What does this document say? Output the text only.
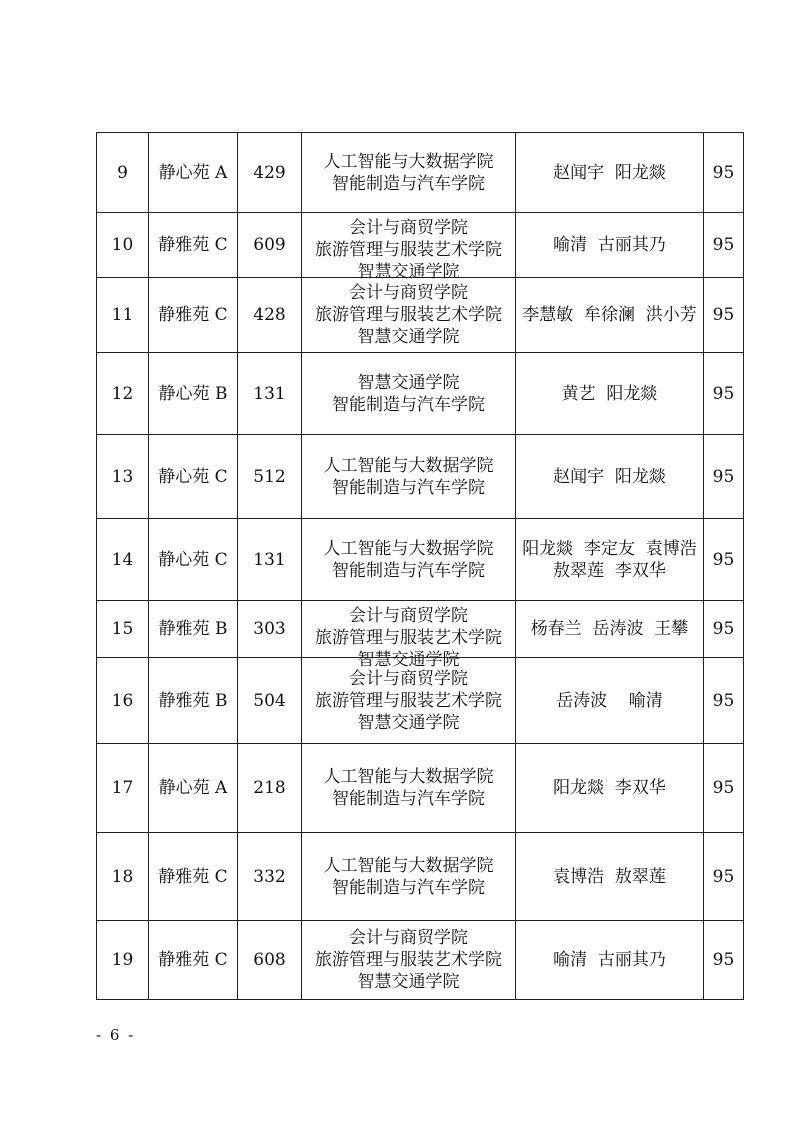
9	静心苑 A	429	人工智能与大数据学院
智能制造与汽车学院	赵闻宇  阳龙燚	95
10	静雅苑 C	609	会计与商贸学院
旅游管理与服装艺术学院
智慧交通学院	喻清  古丽其乃	95
11	静雅苑 C	428	会计与商贸学院
旅游管理与服装艺术学院
智慧交通学院	李慧敏  牟徐澜  洪小芳	95
12	静心苑 B	131	智慧交通学院
智能制造与汽车学院	黄艺  阳龙燚	95
13	静心苑 C	512	人工智能与大数据学院
智能制造与汽车学院	赵闻宇  阳龙燚	95
14	静心苑 C	131	人工智能与大数据学院
智能制造与汽车学院	阳龙燚  李定友  袁博浩
敖翠莲  李双华	95
15	静雅苑 B	303	会计与商贸学院
旅游管理与服装艺术学院
智慧交通学院	杨春兰  岳涛波  王攀	95
16	静雅苑 B	504	会计与商贸学院
旅游管理与服装艺术学院
智慧交通学院	岳涛波    喻清	95
17	静心苑 A	218	人工智能与大数据学院
智能制造与汽车学院	阳龙燚  李双华	95
18	静雅苑 C	332	人工智能与大数据学院
智能制造与汽车学院	袁博浩  敖翠莲	95
19	静雅苑 C	608	会计与商贸学院
旅游管理与服装艺术学院
智慧交通学院	喻清  古丽其乃	95
- 6 -
